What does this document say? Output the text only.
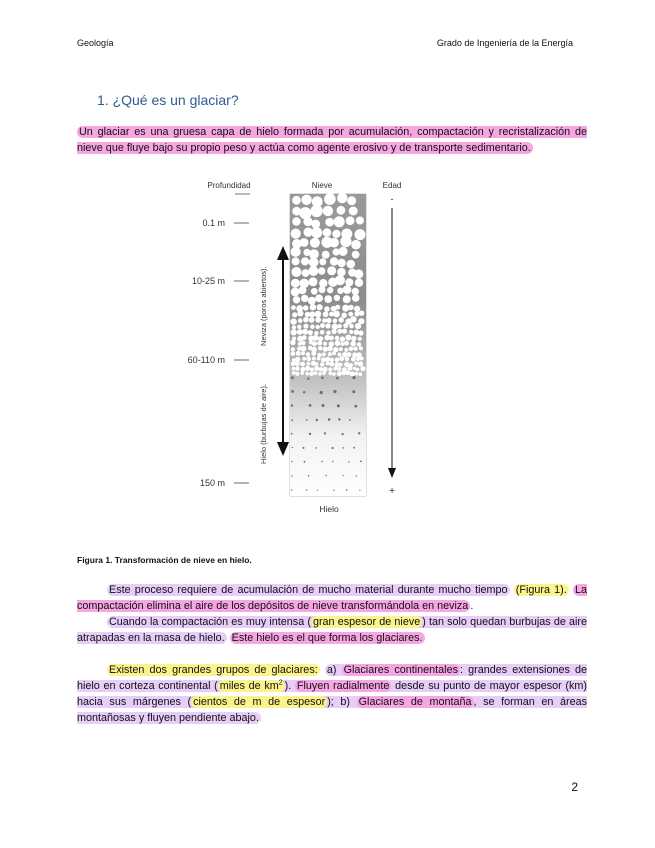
Geología	Grado de Ingeniería de la Energía
1. ¿Qué es un glaciar?

Un glaciar es una gruesa capa de hielo formada por acumulación, compactación y recristalización de nieve que fluye bajo su propio peso y actúa como agente erosivo y de transporte sedimentario.

Profundidad	Nieve	Edad
0.1 m
10-25 m
60-110 m
150 m
Neviza (poros abiertos).
Hielo (burbujas de aire).
-
+
Hielo
Figura 1. Transformación de nieve en hielo.

Este proceso requiere de acumulación de mucho material durante mucho tiempo (Figura 1). La compactación elimina el aire de los depósitos de nieve transformándola en neviza .
Cuando la compactación es muy intensa ( gran espesor de nieve ) tan solo quedan burbujas de aire atrapadas en la masa de hielo. Este hielo es el que forma los glaciares.

Existen dos grandes grupos de glaciares: a) Glaciares continentales : grandes extensiones de hielo en corteza continental ( miles de $km^2$ ). Fluyen radialmente desde su punto de mayor espesor (km) hacia sus márgenes ( cientos de m de espesor ); b) Glaciares de montaña , se forman en áreas montañosas y fluyen pendiente abajo.

2
